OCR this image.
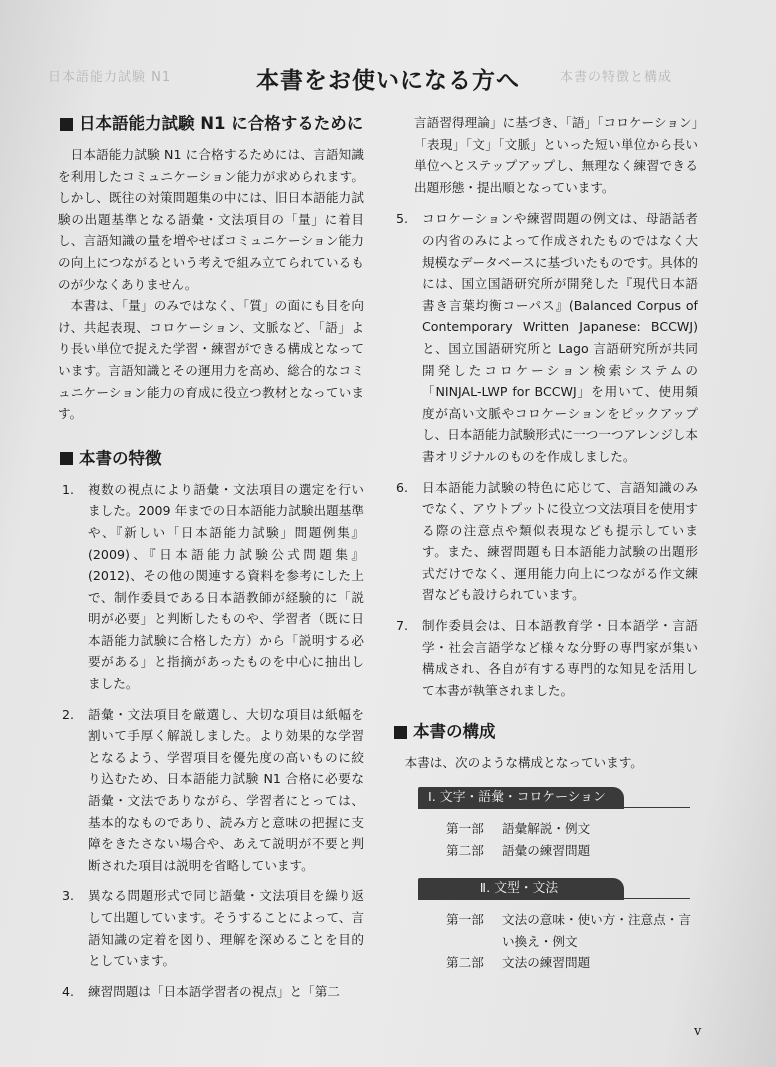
日本語能力試験 N1	本書の特徴と構成
本書をお使いになる方へ
日本語能力試験 N1 に合格するために

日本語能力試験 N1 に合格するためには、言語知識を利用したコミュニケーション能力が求められます。しかし、既往の対策問題集の中には、旧日本語能力試験の出題基準となる語彙・文法項目の「量」に着目し、言語知識の量を増やせばコミュニケーション能力の向上につながるという考えで組み立てられているものが少なくありません。

本書は、「量」のみではなく、「質」の面にも目を向け、共起表現、コロケーション、文脈など、「語」より長い単位で捉えた学習・練習ができる構成となっています。言語知識とその運用力を高め、総合的なコミュニケーション能力の育成に役立つ教材となっています。

本書の特徴
1.	複数の視点により語彙・文法項目の選定を行いました。2009 年までの日本語能力試験出題基準や、『新しい「日本語能力試験」問題例集』(2009)、『日本語能力試験公式問題集』(2012)、その他の関連する資料を参考にした上で、制作委員である日本語教師が経験的に「説明が必要」と判断したものや、学習者（既に日本語能力試験に合格した方）から「説明する必要がある」と指摘があったものを中心に抽出しました。
2.	語彙・文法項目を厳選し、大切な項目は紙幅を割いて手厚く解説しました。より効果的な学習となるよう、学習項目を優先度の高いものに絞り込むため、日本語能力試験 N1 合格に必要な語彙・文法でありながら、学習者にとっては、基本的なものであり、読み方と意味の把握に支障をきたさない場合や、あえて説明が不要と判断された項目は説明を省略しています。
3.	異なる問題形式で同じ語彙・文法項目を繰り返して出題しています。そうすることによって、言語知識の定着を図り、理解を深めることを目的としています。
4.	練習問題は「日本語学習者の視点」と「第二
言語習得理論」に基づき、「語」「コロケーション」「表現」「文」「文脈」といった短い単位から長い単位へとステップアップし、無理なく練習できる出題形態・提出順となっています。
5.	コロケーションや練習問題の例文は、母語話者の内省のみによって作成されたものではなく大規模なデータベースに基づいたものです。具体的には、国立国語研究所が開発した『現代日本語書き言葉均衡コーパス』(Balanced Corpus of Contemporary Written Japanese: BCCWJ) と、国立国語研究所と Lago 言語研究所が共同開発したコロケーション検索システムの「NINJAL-LWP for BCCWJ」を用いて、使用頻度が高い文脈やコロケーションをピックアップし、日本語能力試験形式に一つ一つアレンジし本書オリジナルのものを作成しました。
6.	日本語能力試験の特色に応じて、言語知識のみでなく、アウトプットに役立つ文法項目を使用する際の注意点や類似表現なども提示しています。また、練習問題も日本語能力試験の出題形式だけでなく、運用能力向上につながる作文練習なども設けられています。
7.	制作委員会は、日本語教育学・日本語学・言語学・社会言語学など様々な分野の専門家が集い構成され、各自が有する専門的な知見を活用して本書が執筆されました。
本書の構成

本書は、次のような構成となっています。

Ⅰ. 文字・語彙・コロケーション
第一部	語彙解説・例文
第二部	語彙の練習問題
Ⅱ. 文型・文法
第一部	文法の意味・使い方・注意点・言い換え・例文
第二部	文法の練習問題
v
